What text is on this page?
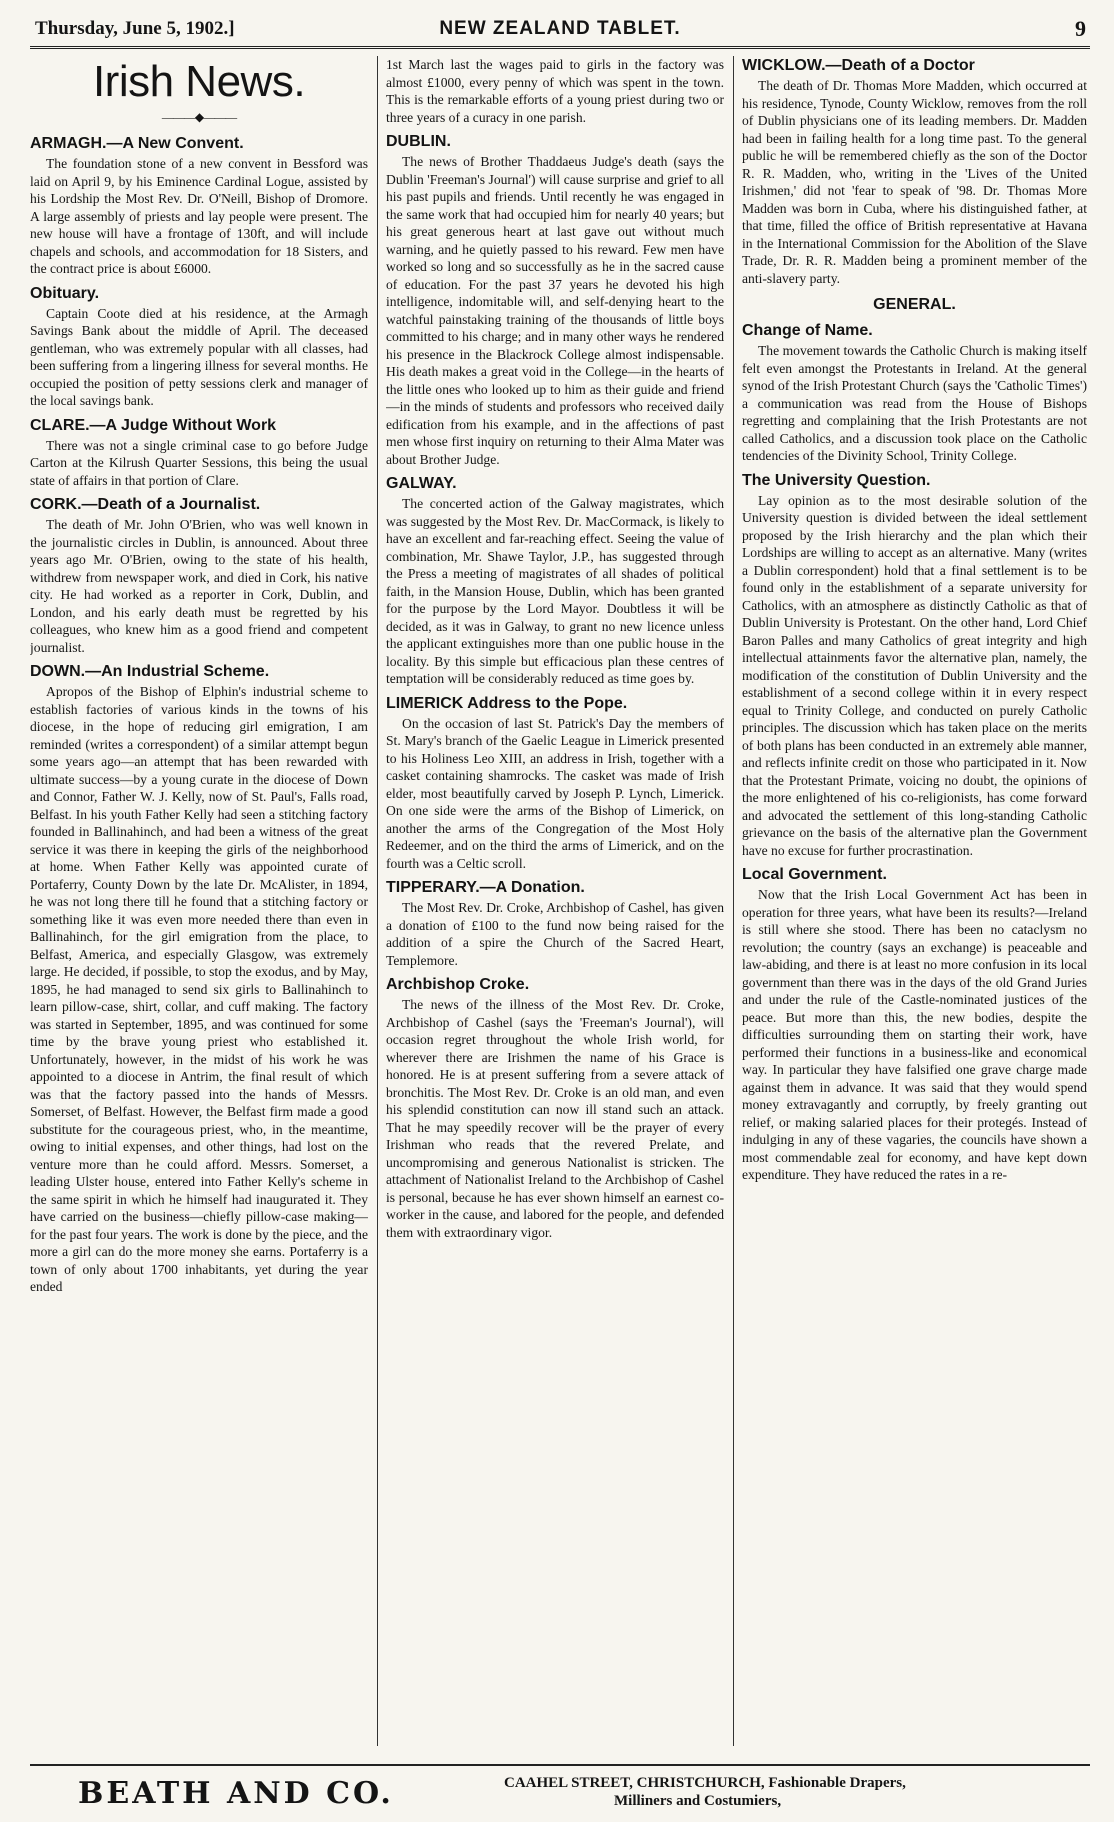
Thursday, June 5, 1902.]	NEW ZEALAND TABLET.	9
Irish News.
———◆———
ARMAGH.—A New Convent.

The foundation stone of a new convent in Bessford was laid on April 9, by his Eminence Cardinal Logue, assisted by his Lordship the Most Rev. Dr. O'Neill, Bishop of Dromore. A large assembly of priests and lay people were present. The new house will have a frontage of 130ft, and will include chapels and schools, and accommodation for 18 Sisters, and the contract price is about £6000.

Obituary.

Captain Coote died at his residence, at the Armagh Savings Bank about the middle of April. The deceased gentleman, who was extremely popular with all classes, had been suffering from a lingering illness for several months. He occupied the position of petty sessions clerk and manager of the local savings bank.

CLARE.—A Judge Without Work

There was not a single criminal case to go before Judge Carton at the Kilrush Quarter Sessions, this being the usual state of affairs in that portion of Clare.

CORK.—Death of a Journalist.

The death of Mr. John O'Brien, who was well known in the journalistic circles in Dublin, is announced. About three years ago Mr. O'Brien, owing to the state of his health, withdrew from newspaper work, and died in Cork, his native city. He had worked as a reporter in Cork, Dublin, and London, and his early death must be regretted by his colleagues, who knew him as a good friend and competent journalist.

DOWN.—An Industrial Scheme.

Apropos of the Bishop of Elphin's industrial scheme to establish factories of various kinds in the towns of his diocese, in the hope of reducing girl emigration, I am reminded (writes a correspondent) of a similar attempt begun some years ago—an attempt that has been rewarded with ultimate success—by a young curate in the diocese of Down and Connor, Father W. J. Kelly, now of St. Paul's, Falls road, Belfast. In his youth Father Kelly had seen a stitching factory founded in Ballinahinch, and had been a witness of the great service it was there in keeping the girls of the neighborhood at home. When Father Kelly was appointed curate of Portaferry, County Down by the late Dr. McAlister, in 1894, he was not long there till he found that a stitching factory or something like it was even more needed there than even in Ballinahinch, for the girl emigration from the place, to Belfast, America, and especially Glasgow, was extremely large. He decided, if possible, to stop the exodus, and by May, 1895, he had managed to send six girls to Ballinahinch to learn pillow-case, shirt, collar, and cuff making. The factory was started in September, 1895, and was continued for some time by the brave young priest who established it. Unfortunately, however, in the midst of his work he was appointed to a diocese in Antrim, the final result of which was that the factory passed into the hands of Messrs. Somerset, of Belfast. However, the Belfast firm made a good substitute for the courageous priest, who, in the meantime, owing to initial expenses, and other things, had lost on the venture more than he could afford. Messrs. Somerset, a leading Ulster house, entered into Father Kelly's scheme in the same spirit in which he himself had inaugurated it. They have carried on the business—chiefly pillow-case making—for the past four years. The work is done by the piece, and the more a girl can do the more money she earns. Portaferry is a town of only about 1700 inhabitants, yet during the year ended

1st March last the wages paid to girls in the factory was almost £1000, every penny of which was spent in the town. This is the remarkable efforts of a young priest during two or three years of a curacy in one parish.

DUBLIN.

The news of Brother Thaddaeus Judge's death (says the Dublin 'Freeman's Journal') will cause surprise and grief to all his past pupils and friends. Until recently he was engaged in the same work that had occupied him for nearly 40 years; but his great generous heart at last gave out without much warning, and he quietly passed to his reward. Few men have worked so long and so successfully as he in the sacred cause of education. For the past 37 years he devoted his high intelligence, indomitable will, and self-denying heart to the watchful painstaking training of the thousands of little boys committed to his charge; and in many other ways he rendered his presence in the Blackrock College almost indispensable. His death makes a great void in the College—in the hearts of the little ones who looked up to him as their guide and friend—in the minds of students and professors who received daily edification from his example, and in the affections of past men whose first inquiry on returning to their Alma Mater was about Brother Judge.

GALWAY.

The concerted action of the Galway magistrates, which was suggested by the Most Rev. Dr. MacCormack, is likely to have an excellent and far-reaching effect. Seeing the value of combination, Mr. Shawe Taylor, J.P., has suggested through the Press a meeting of magistrates of all shades of political faith, in the Mansion House, Dublin, which has been granted for the purpose by the Lord Mayor. Doubtless it will be decided, as it was in Galway, to grant no new licence unless the applicant extinguishes more than one public house in the locality. By this simple but efficacious plan these centres of temptation will be considerably reduced as time goes by.

LIMERICK Address to the Pope.

On the occasion of last St. Patrick's Day the members of St. Mary's branch of the Gaelic League in Limerick presented to his Holiness Leo XIII, an address in Irish, together with a casket containing shamrocks. The casket was made of Irish elder, most beautifully carved by Joseph P. Lynch, Limerick. On one side were the arms of the Bishop of Limerick, on another the arms of the Congregation of the Most Holy Redeemer, and on the third the arms of Limerick, and on the fourth was a Celtic scroll.

TIPPERARY.—A Donation.

The Most Rev. Dr. Croke, Archbishop of Cashel, has given a donation of £100 to the fund now being raised for the addition of a spire the Church of the Sacred Heart, Templemore.

Archbishop Croke.

The news of the illness of the Most Rev. Dr. Croke, Archbishop of Cashel (says the 'Freeman's Journal'), will occasion regret throughout the whole Irish world, for wherever there are Irishmen the name of his Grace is honored. He is at present suffering from a severe attack of bronchitis. The Most Rev. Dr. Croke is an old man, and even his splendid constitution can now ill stand such an attack. That he may speedily recover will be the prayer of every Irishman who reads that the revered Prelate, and uncompromising and generous Nationalist is stricken. The attachment of Nationalist Ireland to the Archbishop of Cashel is personal, because he has ever shown himself an earnest co-worker in the cause, and labored for the people, and defended them with extraordinary vigor.

WICKLOW.—Death of a Doctor

The death of Dr. Thomas More Madden, which occurred at his residence, Tynode, County Wicklow, removes from the roll of Dublin physicians one of its leading members. Dr. Madden had been in failing health for a long time past. To the general public he will be remembered chiefly as the son of the Doctor R. R. Madden, who, writing in the 'Lives of the United Irishmen,' did not 'fear to speak of '98. Dr. Thomas More Madden was born in Cuba, where his distinguished father, at that time, filled the office of British representative at Havana in the International Commission for the Abolition of the Slave Trade, Dr. R. R. Madden being a prominent member of the anti-slavery party.

GENERAL.
Change of Name.

The movement towards the Catholic Church is making itself felt even amongst the Protestants in Ireland. At the general synod of the Irish Protestant Church (says the 'Catholic Times') a communication was read from the House of Bishops regretting and complaining that the Irish Protestants are not called Catholics, and a discussion took place on the Catholic tendencies of the Divinity School, Trinity College.

The University Question.

Lay opinion as to the most desirable solution of the University question is divided between the ideal settlement proposed by the Irish hierarchy and the plan which their Lordships are willing to accept as an alternative. Many (writes a Dublin correspondent) hold that a final settlement is to be found only in the establishment of a separate university for Catholics, with an atmosphere as distinctly Catholic as that of Dublin University is Protestant. On the other hand, Lord Chief Baron Palles and many Catholics of great integrity and high intellectual attainments favor the alternative plan, namely, the modification of the constitution of Dublin University and the establishment of a second college within it in every respect equal to Trinity College, and conducted on purely Catholic principles. The discussion which has taken place on the merits of both plans has been conducted in an extremely able manner, and reflects infinite credit on those who participated in it. Now that the Protestant Primate, voicing no doubt, the opinions of the more enlightened of his co-religionists, has come forward and advocated the settlement of this long-standing Catholic grievance on the basis of the alternative plan the Government have no excuse for further procrastination.

Local Government.

Now that the Irish Local Government Act has been in operation for three years, what have been its results?—Ireland is still where she stood. There has been no cataclysm no revolution; the country (says an exchange) is peaceable and law-abiding, and there is at least no more confusion in its local government than there was in the days of the old Grand Juries and under the rule of the Castle-nominated justices of the peace. But more than this, the new bodies, despite the difficulties surrounding them on starting their work, have performed their functions in a business-like and economical way. In particular they have falsified one grave charge made against them in advance. It was said that they would spend money extravagantly and corruptly, by freely granting out relief, or making salaried places for their protegés. Instead of indulging in any of these vagaries, the councils have shown a most commendable zeal for economy, and have kept down expenditure. They have reduced the rates in a re-

BEATH AND CO.	CAAHEL STREET, CHRISTCHURCH, Fashionable Drapers,
Milliners and Costumiers,
